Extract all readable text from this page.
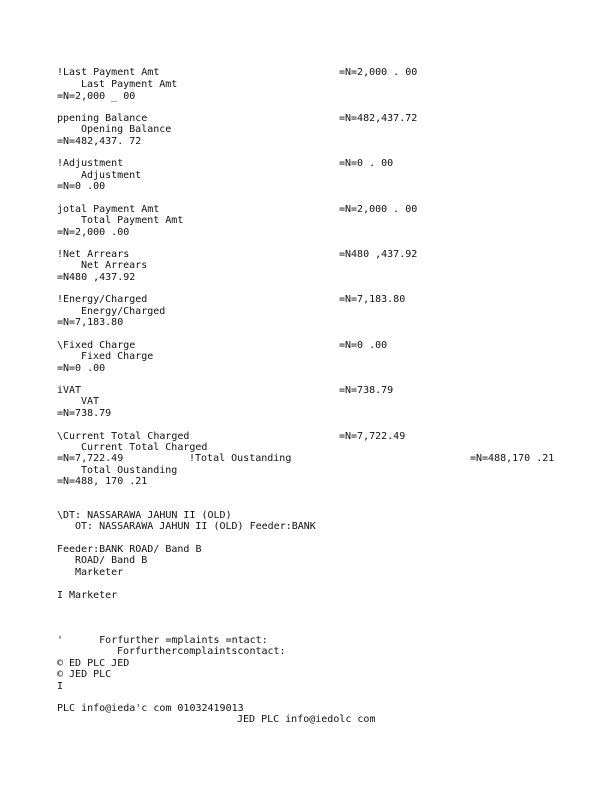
!Last Payment Amt	=N=2,000 . 00
Last Payment Amt
=N=2,000 _ 00
ppening Balance	=N=482,437.72
Opening Balance
=N=482,437. 72
!Adjustment	=N=0 . 00
Adjustment
=N=0 .00
jotal Payment Amt	=N=2,000 . 00
Total Payment Amt
=N=2,000 .00
!Net Arrears	=N480 ,437.92
Net Arrears
=N480 ,437.92
!Energy/Charged	=N=7,183.80
Energy/Charged
=N=7,183.80
\Fixed Charge	=N=0 .00
Fixed Charge
=N=0 .00
iVAT	=N=738.79
VAT
=N=738.79
\Current Total Charged	=N=7,722.49
Current Total Charged
=N=7,722.49	!Total Oustanding	=N=488,170 .21
Total Oustanding
=N=488, 170 .21
\DT: NASSARAWA JAHUN II (OLD)
OT: NASSARAWA JAHUN II (OLD) Feeder:BANK
Feeder:BANK ROAD/ Band B
ROAD/ Band B
Marketer
I Marketer
'      Forfurther =mplaints =ntact:
Forfurthercomplaintscontact:
© ED PLC JED
© JED PLC
I
PLC info@ieda'c com 01032419013
JED PLC info@iedolc com
